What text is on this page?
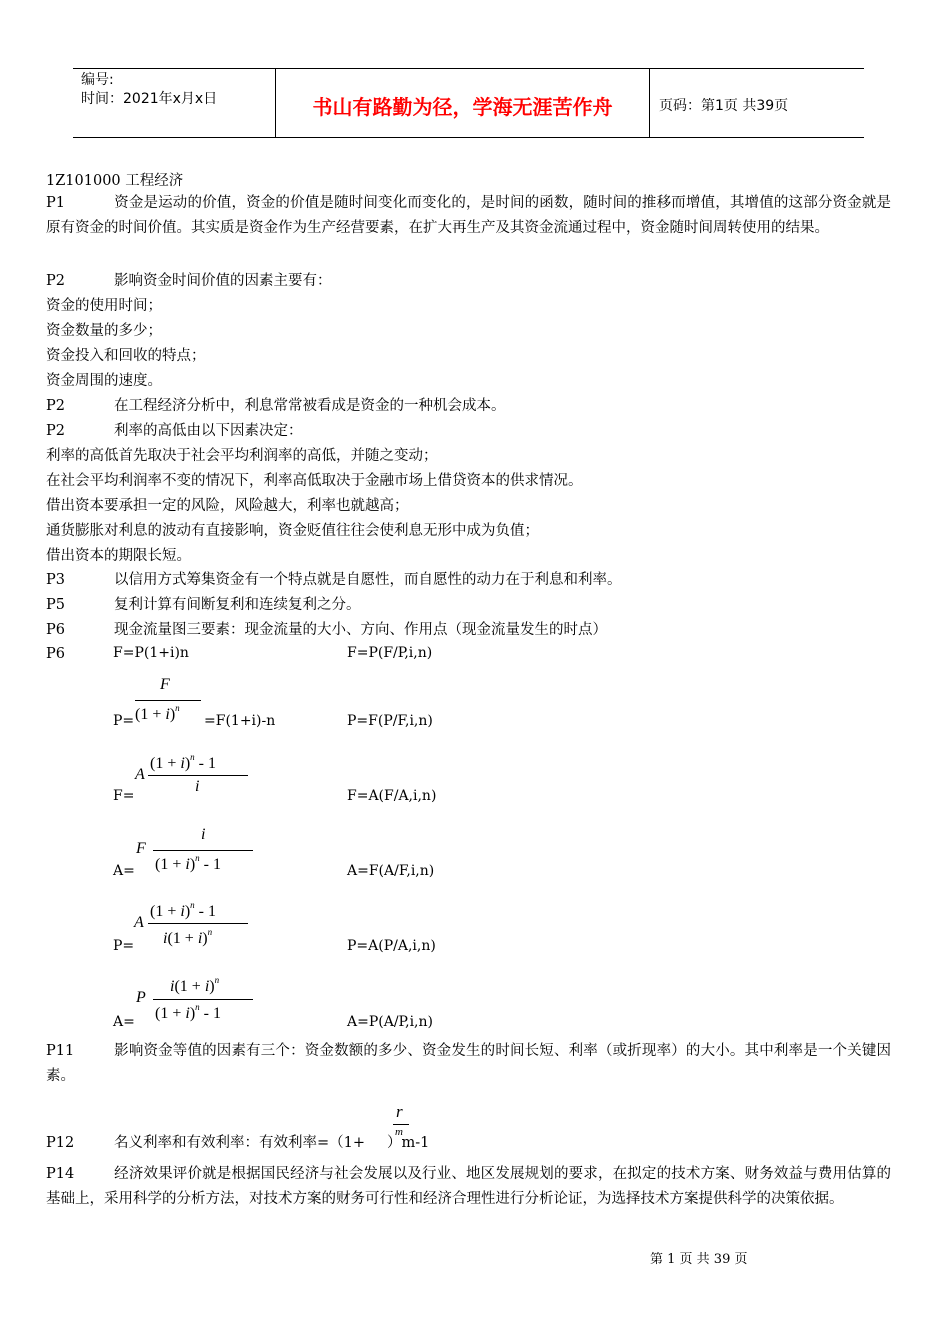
编号:
时间：2021年x月x日	书山有路勤为径，学海无涯苦作舟	页码：第1页 共39页
1Z101000 工程经济
P1	资金是运动的价值，资金的价值是随时间变化而变化的，是时间的函数，随时间的推移而增值，其增值的这部分资金就是原有资金的时间价值。其实质是资金作为生产经营要素，在扩大再生产及其资金流通过程中，资金随时间周转使用的结果。
P2	影响资金时间价值的因素主要有：
资金的使用时间；
资金数量的多少；
资金投入和回收的特点；
资金周围的速度。
P2	在工程经济分析中，利息常常被看成是资金的一种机会成本。
P2	利率的高低由以下因素决定：
利率的高低首先取决于社会平均利润率的高低，并随之变动；
在社会平均利润率不变的情况下，利率高低取决于金融市场上借贷资本的供求情况。
借出资本要承担一定的风险，风险越大，利率也就越高；
通货膨胀对利息的波动有直接影响，资金贬值往往会使利息无形中成为负值；
借出资本的期限长短。
P3	以信用方式筹集资金有一个特点就是自愿性，而自愿性的动力在于利息和利率。
P5	复利计算有间断复利和连续复利之分。
P6	现金流量图三要素：现金流量的大小、方向、作用点（现金流量发生的时点）
P6	F=P(1+i)n	F=P(F/P,i,n)
P=
F
$(1 + i)^n$
=F(1+i)-n	P=F(P/F,i,n)
F=
A
$(1 + i)^n - 1$
i
F=A(F/A,i,n)
A=
F
i
$(1 + i)^n - 1$	A=F(A/F,i,n)
P=
A
$(1 + i)^n - 1$
$i(1 + i)^n$
P=A(P/A,i,n)
A=
P
$i(1 + i)^n$
$(1 + i)^n - 1$	A=P(A/P,i,n)
P11	影响资金等值的因素有三个：资金数额的多少、资金发生的时间长短、利率（或折现率）的大小。其中利率是一个关键因素。
r
m
P12	名义利率和有效利率：有效利率=（1+ ）m-1
P14	经济效果评价就是根据国民经济与社会发展以及行业、地区发展规划的要求，在拟定的技术方案、财务效益与费用估算的基础上，采用科学的分析方法，对技术方案的财务可行性和经济合理性进行分析论证，为选择技术方案提供科学的决策依据。
第 1 页 共 39 页
